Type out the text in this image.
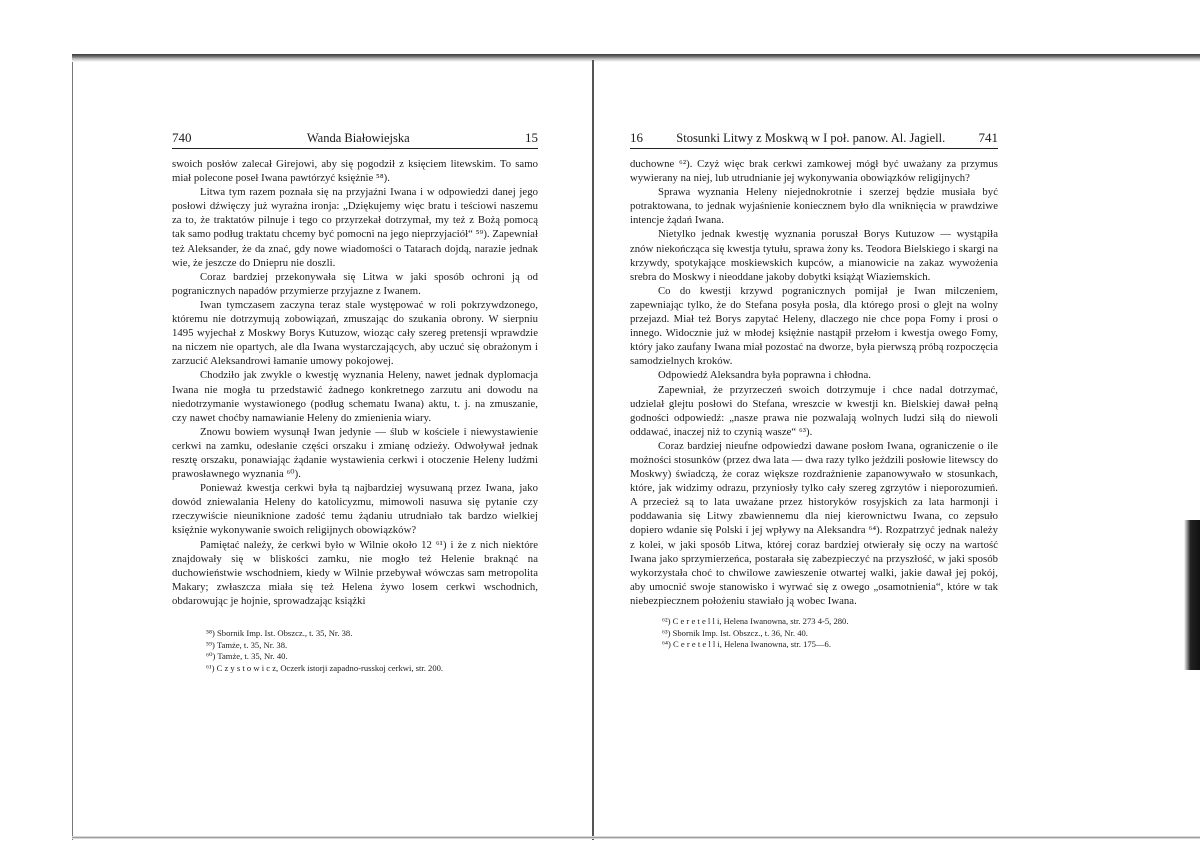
740	Wanda Białowiejska	15

swoich posłów zalecał Girejowi, aby się pogodził z księciem litewskim. To samo miał polecone poseł Iwana pawtórzyć księżnie ⁵⁸).

Litwa tym razem poznała się na przyjaźni Iwana i w odpowiedzi danej jego posłowi dźwięczy już wyraźna ironja: „Dziękujemy więc bratu i teściowi naszemu za to, że traktatów pilnuje i tego co przyrzekał dotrzymał, my też z Bożą pomocą tak samo podług traktatu chcemy być pomocni na jego nieprzyjaciół“ ⁵⁹). Zapewniał też Aleksander, że da znać, gdy nowe wiadomości o Tatarach dojdą, narazie jednak wie, że jeszcze do Dniepru nie doszli.

Coraz bardziej przekonywała się Litwa w jaki sposób ochroni ją od pogranicznych napadów przymierze przyjazne z Iwanem.

Iwan tymczasem zaczyna teraz stale występować w roli pokrzywdzonego, któremu nie dotrzymują zobowiązań, zmuszając do szukania obrony. W sierpniu 1495 wyjechał z Moskwy Borys Kutuzow, wioząc cały szereg pretensji wprawdzie na niczem nie opartych, ale dla Iwana wystarczających, aby uczuć się obrażonym i zarzucić Aleksandrowi łamanie umowy pokojowej.

Chodziło jak zwykle o kwestję wyznania Heleny, nawet jednak dyplomacja Iwana nie mogła tu przedstawić żadnego konkretnego zarzutu ani dowodu na niedotrzymanie wystawionego (podług schematu Iwana) aktu, t. j. na zmuszanie, czy nawet choćby namawianie Heleny do zmienienia wiary.

Znowu bowiem wysunął Iwan jedynie — ślub w kościele i niewystawienie cerkwi na zamku, odesłanie części orszaku i zmianę odzieży. Odwoływał jednak resztę orszaku, ponawiając żądanie wystawienia cerkwi i otoczenie Heleny ludźmi prawosławnego wyznania ⁶⁰).

Ponieważ kwestja cerkwi była tą najbardziej wysuwaną przez Iwana, jako dowód zniewalania Heleny do katolicyzmu, mimowoli nasuwa się pytanie czy rzeczywiście nieuniknione zadość temu żądaniu utrudniało tak bardzo wielkiej księżnie wykonywanie swoich religijnych obowiązków?

Pamiętać należy, że cerkwi było w Wilnie około 12 ⁶¹) i że z nich niektóre znajdowały się w bliskości zamku, nie mogło też Helenie braknąć na duchowieństwie wschodniem, kiedy w Wilnie przebywał wówczas sam metropolita Makary; zwłaszcza miała się też Helena żywo losem cerkwi wschodnich, obdarowując je hojnie, sprowadzając książki

⁵⁸) Sbornik Imp. Ist. Obszcz., t. 35, Nr. 38.
⁵⁹) Tamże, t. 35, Nr. 38.
⁶⁰) Tamże, t. 35, Nr. 40.
⁶¹) C z y s t o w i c z, Oczerk istorji zapadno-russkoj cerkwi, str. 200.
16	Stosunki Litwy z Moskwą w I poł. panow. Al. Jagiell.	741

duchowne ⁶²). Czyż więc brak cerkwi zamkowej mógł być uważany za przymus wywierany na niej, lub utrudnianie jej wykonywania obowiązków religijnych?

Sprawa wyznania Heleny niejednokrotnie i szerzej będzie musiała być potraktowana, to jednak wyjaśnienie koniecznem było dla wniknięcia w prawdziwe intencje żądań Iwana.

Nietylko jednak kwestję wyznania poruszał Borys Kutuzow — wystąpiła znów niekończąca się kwestja tytułu, sprawa żony ks. Teodora Bielskiego i skargi na krzywdy, spotykające moskiewskich kupców, a mianowicie na zakaz wywożenia srebra do Moskwy i nieoddane jakoby dobytki książąt Wiaziemskich.

Co do kwestji krzywd pogranicznych pomijał je Iwan milczeniem, zapewniając tylko, że do Stefana posyła posła, dla którego prosi o glejt na wolny przejazd. Miał też Borys zapytać Heleny, dlaczego nie chce popa Fomy i prosi o innego. Widocznie już w młodej księżnie nastąpił przełom i kwestja owego Fomy, który jako zaufany Iwana miał pozostać na dworze, była pierwszą próbą rozpoczęcia samodzielnych kroków.

Odpowiedź Aleksandra była poprawna i chłodna.

Zapewniał, że przyrzeczeń swoich dotrzymuje i chce nadal dotrzymać, udzielał glejtu posłowi do Stefana, wreszcie w kwestji kn. Bielskiej dawał pełną godności odpowiedź: „nasze prawa nie pozwalają wolnych ludzi siłą do niewoli oddawać, inaczej niż to czynią wasze“ ⁶³).

Coraz bardziej nieufne odpowiedzi dawane posłom Iwana, ograniczenie o ile możności stosunków (przez dwa lata — dwa razy tylko jeździli posłowie litewscy do Moskwy) świadczą, że coraz większe rozdrażnienie zapanowywało w stosunkach, które, jak widzimy odrazu, przyniosły tylko cały szereg zgrzytów i nieporozumień. A przecież są to lata uważane przez historyków rosyjskich za lata harmonji i poddawania się Litwy zbawiennemu dla niej kierownictwu Iwana, co zepsuło dopiero wdanie się Polski i jej wpływy na Aleksandra ⁶⁴). Rozpatrzyć jednak należy z kolei, w jaki sposób Litwa, której coraz bardziej otwierały się oczy na wartość Iwana jako sprzymierzeńca, postarała się zabezpieczyć na przyszłość, w jaki sposób wykorzystała choć to chwilowe zawieszenie otwartej walki, jakie dawał jej pokój, aby umocnić swoje stanowisko i wyrwać się z owego „osamotnienia“, które w tak niebezpiecznem położeniu stawiało ją wobec Iwana.

⁶²) C e r e t e l l i, Helena Iwanowna, str. 273 4-5, 280.
⁶³) Sbornik Imp. Ist. Obszcz., t. 36, Nr. 40.
⁶⁴) C e r e t e l l i, Helena Iwanowna, str. 175—6.
